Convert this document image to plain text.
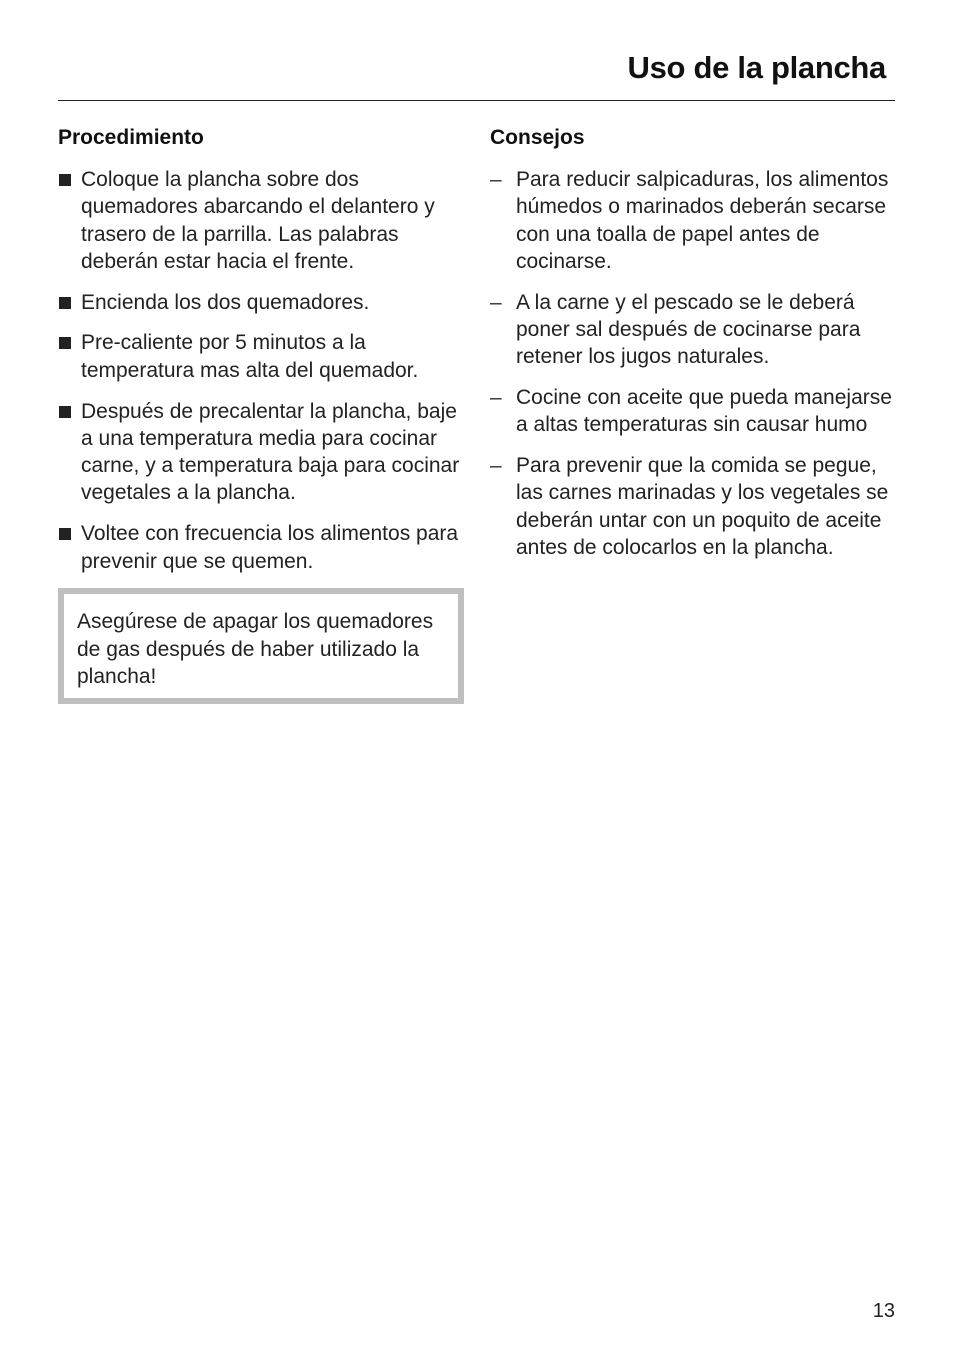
Uso de la plancha
Procedimiento
Coloque la plancha sobre dos quemadores abarcando el delantero y trasero de la parrilla. Las palabras deberán estar hacia el frente.
Encienda los dos quemadores.
Pre-caliente por 5 minutos a la temperatura mas alta del quemador.
Después de precalentar la plancha, baje a una temperatura media para cocinar carne, y a temperatura baja para cocinar vegetales a la plancha.
Voltee con frecuencia los alimentos para prevenir que se quemen.
Asegúrese de apagar los quemadores de gas después de haber utilizado la plancha!
Consejos
– Para reducir salpicaduras, los alimentos húmedos o marinados deberán secarse con una toalla de papel antes de cocinarse.
– A la carne y el pescado se le deberá poner sal después de cocinarse para retener los jugos naturales.
– Cocine con aceite que pueda manejarse a altas temperaturas sin causar humo
– Para prevenir que la comida se pegue, las carnes marinadas y los vegetales se deberán untar con un poquito de aceite antes de colocarlos en la plancha.
13
